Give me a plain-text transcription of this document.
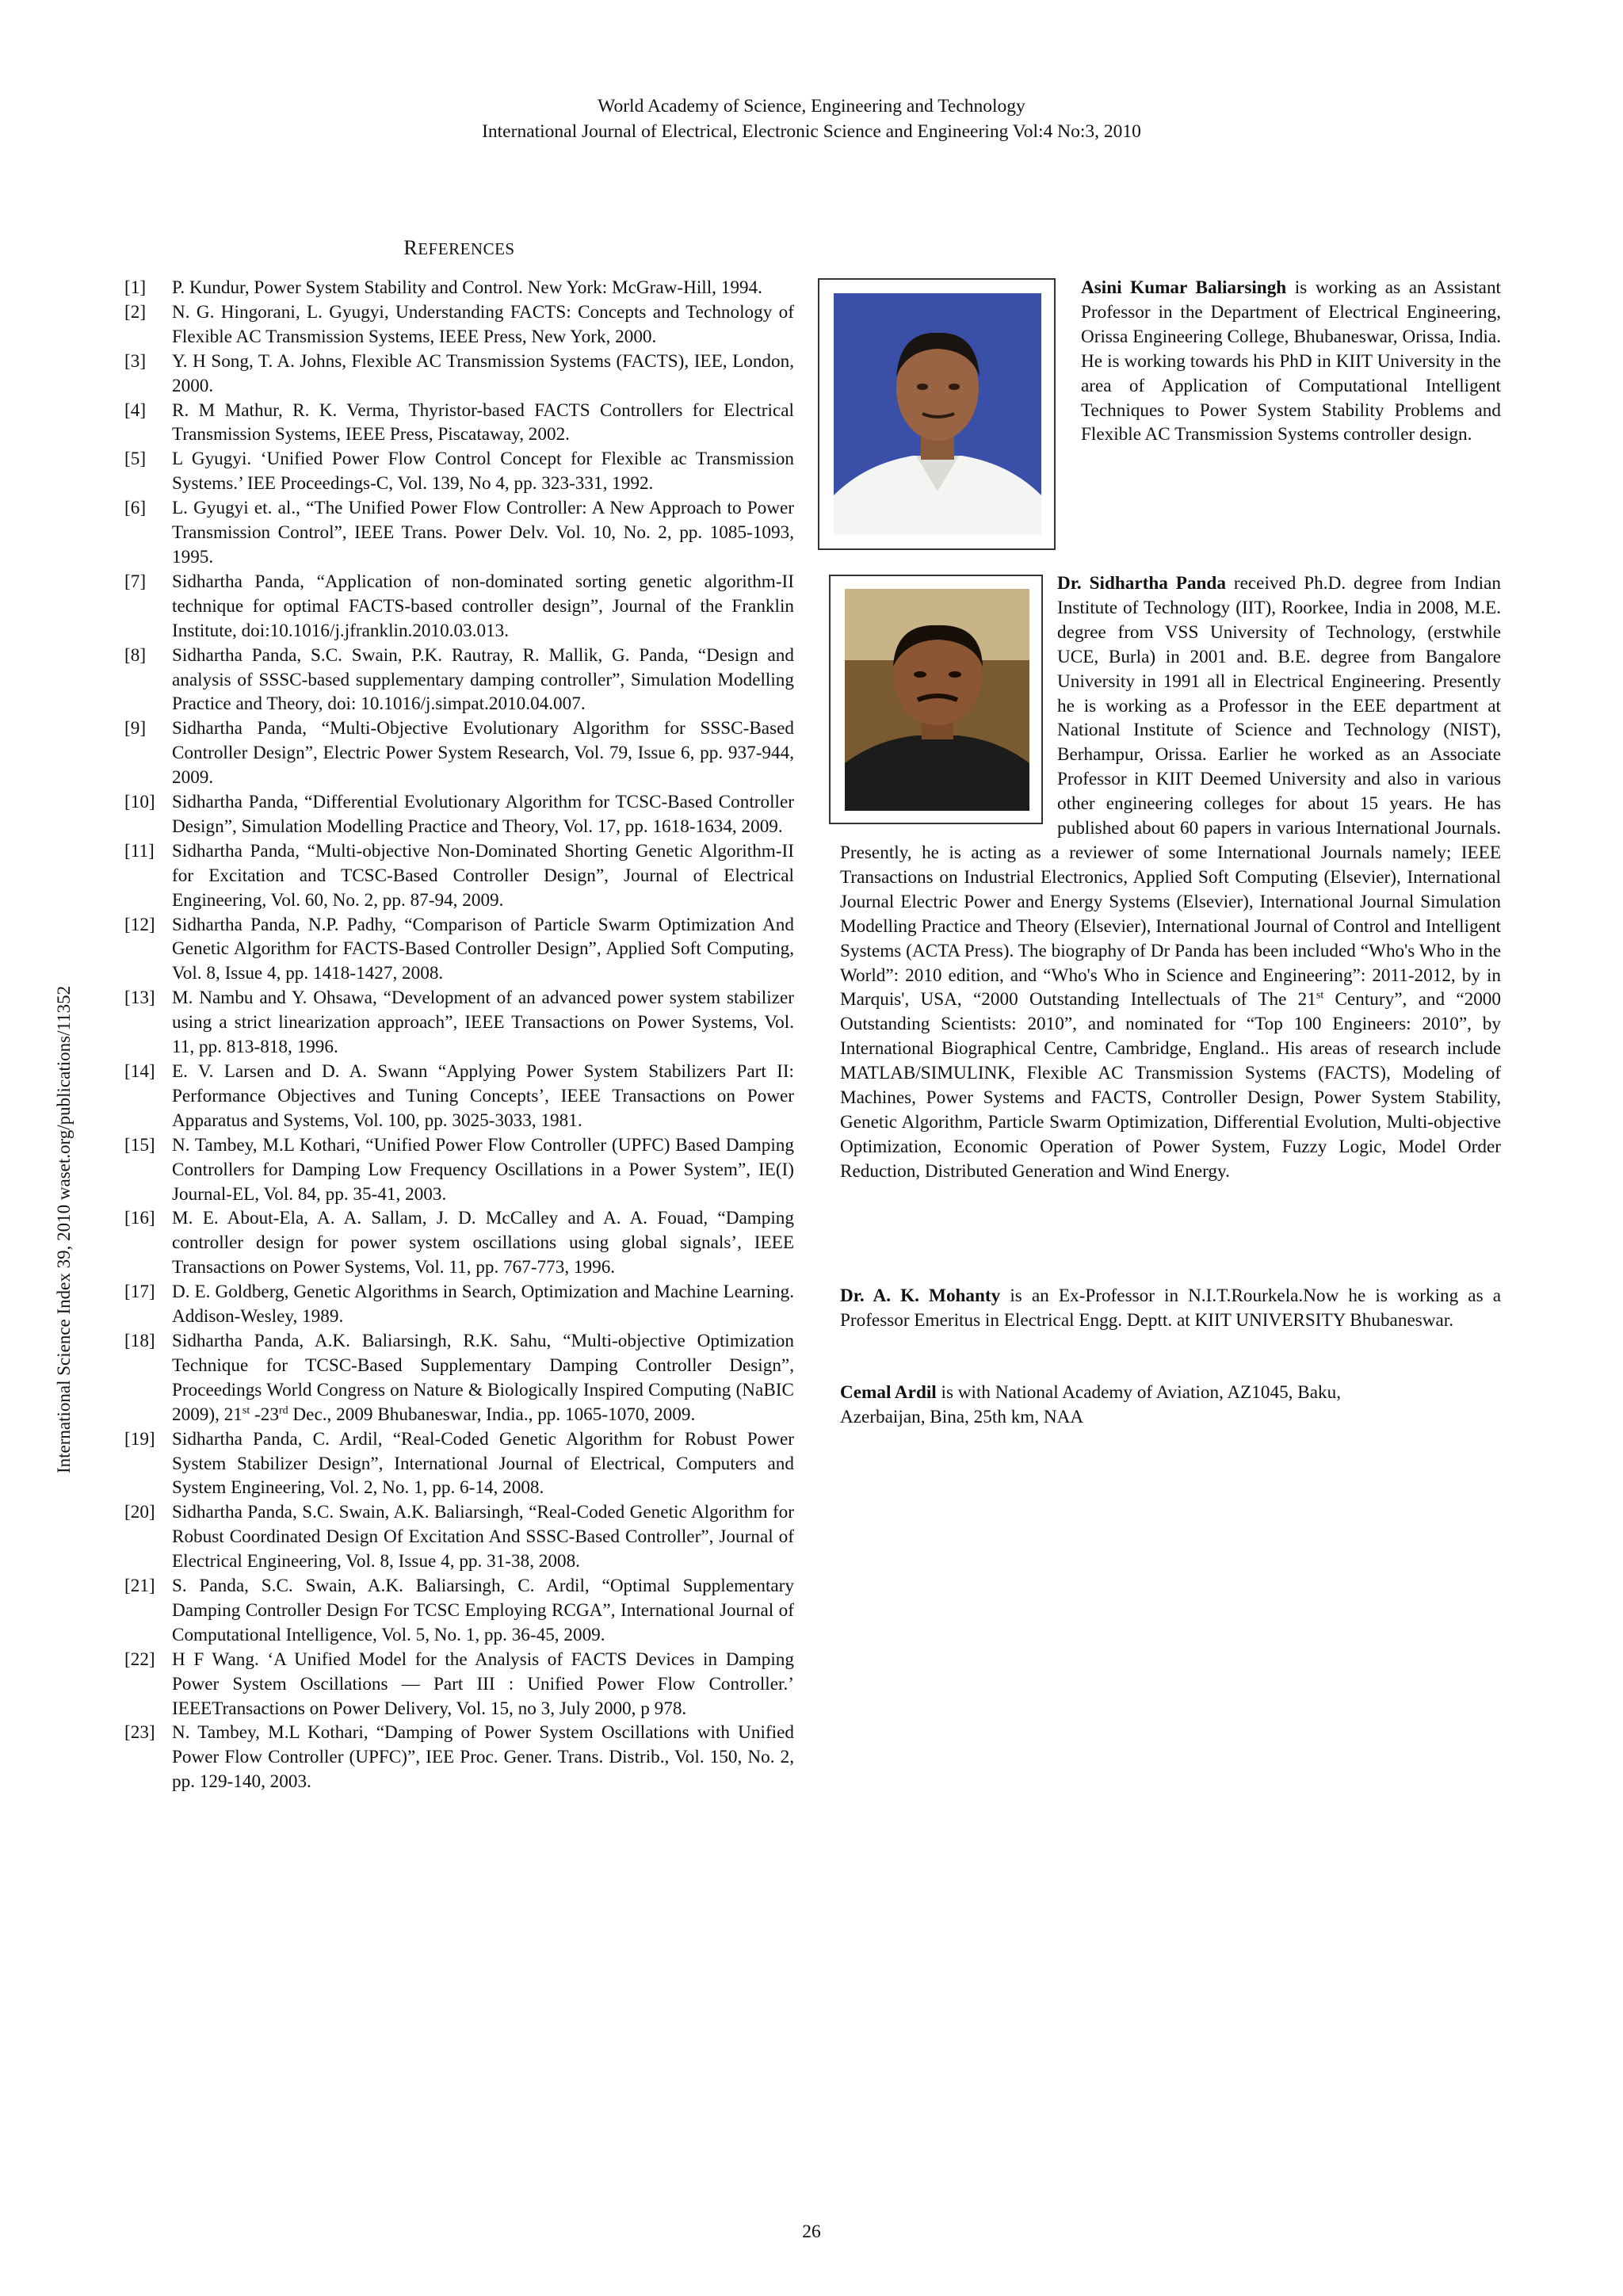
World Academy of Science, Engineering and Technology
International Journal of Electrical, Electronic Science and Engineering Vol:4 No:3, 2010
International Science Index 39, 2010 waset.org/publications/11352
REFERENCES
[1]	P. Kundur, Power System Stability and Control. New York: McGraw-Hill, 1994.
[2]	N. G. Hingorani, L. Gyugyi, Understanding FACTS: Concepts and Technology of Flexible AC Transmission Systems, IEEE Press, New York, 2000.
[3]	Y. H Song, T. A. Johns, Flexible AC Transmission Systems (FACTS), IEE, London, 2000.
[4]	R. M Mathur, R. K. Verma, Thyristor-based FACTS Controllers for Electrical Transmission Systems, IEEE Press, Piscataway, 2002.
[5]	L Gyugyi. ‘Unified Power Flow Control Concept for Flexible ac Transmission Systems.’ IEE Proceedings-C, Vol. 139, No 4, pp. 323-331, 1992.
[6]	L. Gyugyi et. al., “The Unified Power Flow Controller: A New Approach to Power Transmission Control”, IEEE Trans. Power Delv. Vol. 10, No. 2, pp. 1085-1093, 1995.
[7]	Sidhartha Panda, “Application of non-dominated sorting genetic algorithm-II technique for optimal FACTS-based controller design”, Journal of the Franklin Institute, doi:10.1016/j.jfranklin.2010.03.013.
[8]	Sidhartha Panda, S.C. Swain, P.K. Rautray, R. Mallik, G. Panda, “Design and analysis of SSSC-based supplementary damping controller”, Simulation Modelling Practice and Theory, doi: 10.1016/j.simpat.2010.04.007.
[9]	Sidhartha Panda, “Multi-Objective Evolutionary Algorithm for SSSC-Based Controller Design”, Electric Power System Research, Vol. 79, Issue 6, pp. 937-944, 2009.
[10] Sidhartha Panda, “Differential Evolutionary Algorithm for TCSC-Based Controller Design”, Simulation Modelling Practice and Theory, Vol. 17, pp. 1618-1634, 2009.
[11] Sidhartha Panda, “Multi-objective Non-Dominated Shorting Genetic Algorithm-II for Excitation and TCSC-Based Controller Design”, Journal of Electrical Engineering, Vol. 60, No. 2, pp. 87-94, 2009.
[12] Sidhartha Panda, N.P. Padhy, “Comparison of Particle Swarm Optimization And Genetic Algorithm for FACTS-Based Controller Design”, Applied Soft Computing, Vol. 8, Issue 4, pp. 1418-1427, 2008.
[13] M. Nambu and Y. Ohsawa, “Development of an advanced power system stabilizer using a strict linearization approach”, IEEE Transactions on Power Systems, Vol. 11, pp. 813-818, 1996.
[14] E. V. Larsen and D. A. Swann “Applying Power System Stabilizers Part II: Performance Objectives and Tuning Concepts’, IEEE Transactions on Power Apparatus and Systems, Vol. 100, pp. 3025-3033, 1981.
[15] N. Tambey, M.L Kothari, “Unified Power Flow Controller (UPFC) Based Damping Controllers for Damping Low Frequency Oscillations in a Power System”, IE(I) Journal-EL, Vol. 84, pp. 35-41, 2003.
[16] M. E. About-Ela, A. A. Sallam, J. D. McCalley and A. A. Fouad, “Damping controller design for power system oscillations using global signals’, IEEE Transactions on Power Systems, Vol. 11, pp. 767-773, 1996.
[17] D. E. Goldberg, Genetic Algorithms in Search, Optimization and Machine Learning. Addison-Wesley, 1989.
[18] Sidhartha Panda, A.K. Baliarsingh, R.K. Sahu, “Multi-objective Optimization Technique for TCSC-Based Supplementary Damping Controller Design”, Proceedings World Congress on Nature & Biologically Inspired Computing (NaBIC 2009), 21st -23rd Dec., 2009 Bhubaneswar, India., pp. 1065-1070, 2009.
[19] Sidhartha Panda, C. Ardil, “Real-Coded Genetic Algorithm for Robust Power System Stabilizer Design”, International Journal of Electrical, Computers and System Engineering, Vol. 2, No. 1, pp. 6-14, 2008.
[20] Sidhartha Panda, S.C. Swain, A.K. Baliarsingh, “Real-Coded Genetic Algorithm for Robust Coordinated Design Of Excitation And SSSC-Based Controller”, Journal of Electrical Engineering, Vol. 8, Issue 4, pp. 31-38, 2008.
[21] S. Panda, S.C. Swain, A.K. Baliarsingh, C. Ardil, “Optimal Supplementary Damping Controller Design For TCSC Employing RCGA”, International Journal of Computational Intelligence, Vol. 5, No. 1, pp. 36-45, 2009.
[22] H F Wang. ‘A Unified Model for the Analysis of FACTS Devices in Damping Power System Oscillations — Part III : Unified Power Flow Controller.’ IEEETransactions on Power Delivery, Vol. 15, no 3, July 2000, p 978.
[23] N. Tambey, M.L Kothari, “Damping of Power System Oscillations with Unified Power Flow Controller (UPFC)”, IEE Proc. Gener. Trans. Distrib., Vol. 150, No. 2, pp. 129-140, 2003.
Asini Kumar Baliarsingh is working as an Assistant Professor in the Department of Electrical Engineering, Orissa Engineering College, Bhubaneswar, Orissa, India. He is working towards his PhD in KIIT University in the area of Application of Computational Intelligent Techniques to Power System Stability Problems and Flexible AC Transmission Systems controller design.
Dr. Sidhartha Panda received Ph.D. degree from Indian Institute of Technology (IIT), Roorkee, India in 2008, M.E. degree from VSS University of Technology, (erstwhile UCE, Burla) in 2001 and. B.E. degree from Bangalore University in 1991 all in Electrical Engineering. Presently he is working as a Professor in the EEE department at National Institute of Science and Technology (NIST), Berhampur, Orissa. Earlier he worked as an Associate Professor in KIIT Deemed University and also in various other engineering colleges for about 15 years. He has published about 60 papers in various International Journals. Presently, he is acting as a reviewer of some International Journals namely; IEEE Transactions on Industrial Electronics, Applied Soft Computing (Elsevier), International Journal Electric Power and Energy Systems (Elsevier), International Journal Simulation Modelling Practice and Theory (Elsevier), International Journal of Control and Intelligent Systems (ACTA Press). The biography of Dr Panda has been included “Who's Who in the World”: 2010 edition, and “Who's Who in Science and Engineering”: 2011-2012, by in Marquis', USA, “2000 Outstanding Intellectuals of The 21st Century”, and “2000 Outstanding Scientists: 2010”, and nominated for “Top 100 Engineers: 2010”, by International Biographical Centre, Cambridge, England.. His areas of research include MATLAB/SIMULINK, Flexible AC Transmission Systems (FACTS), Modeling of Machines, Power Systems and FACTS, Controller Design, Power System Stability, Genetic Algorithm, Particle Swarm Optimization, Differential Evolution, Multi-objective Optimization, Economic Operation of Power System, Fuzzy Logic, Model Order Reduction, Distributed Generation and Wind Energy.
Dr. A. K. Mohanty is an Ex-Professor in N.I.T.Rourkela.Now he is working as a Professor Emeritus in Electrical Engg. Deptt. at KIIT UNIVERSITY Bhubaneswar.
Cemal Ardil is with National Academy of Aviation, AZ1045, Baku,
Azerbaijan, Bina, 25th km, NAA
26
